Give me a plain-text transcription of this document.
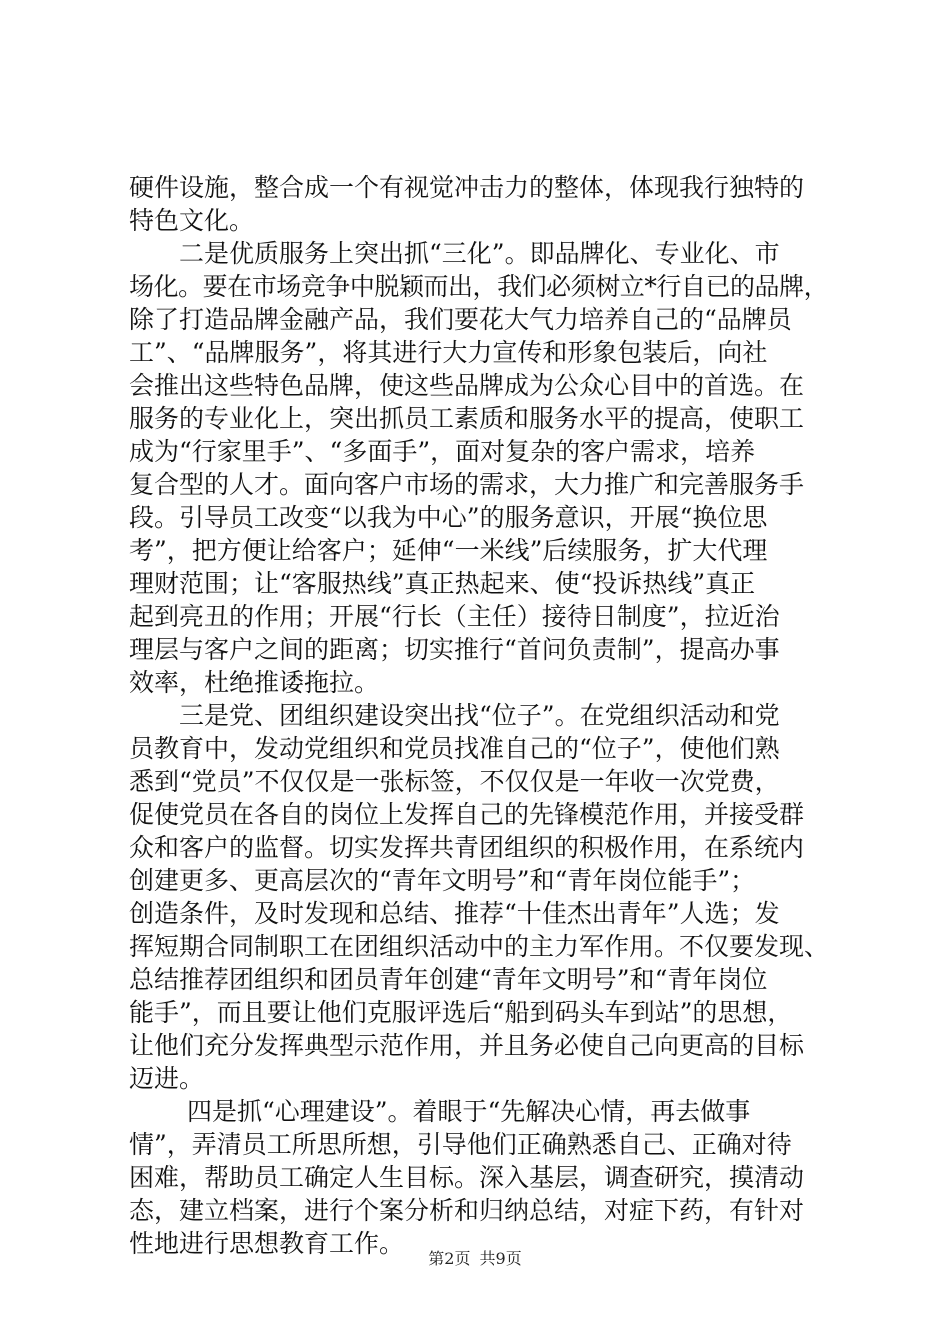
硬件设施，整合成一个有视觉冲击力的整体，体现我行独特的
特色文化。
　　二是优质服务上突出抓“三化”。即品牌化、专业化、市
场化。要在市场竞争中脱颖而出，我们必须树立*行自已的品牌，
除了打造品牌金融产品，我们要花大气力培养自己的“品牌员
工”、“品牌服务”，将其进行大力宣传和形象包装后，向社
会推出这些特色品牌，使这些品牌成为公众心目中的首选。在
服务的专业化上，突出抓员工素质和服务水平的提高，使职工
成为“行家里手”、“多面手”，面对复杂的客户需求，培养
复合型的人才。面向客户市场的需求，大力推广和完善服务手
段。引导员工改变“以我为中心”的服务意识，开展“换位思
考”，把方便让给客户；延伸“一米线”后续服务，扩大代理
理财范围；让“客服热线”真正热起来、使“投诉热线”真正
起到亮丑的作用；开展“行长（主任）接待日制度”，拉近治
理层与客户之间的距离；切实推行“首问负责制”，提高办事
效率，杜绝推诿拖拉。
　　三是党、团组织建设突出找“位子”。在党组织活动和党
员教育中，发动党组织和党员找准自己的“位子”，使他们熟
悉到“党员”不仅仅是一张标签，不仅仅是一年收一次党费，
促使党员在各自的岗位上发挥自己的先锋模范作用，并接受群
众和客户的监督。切实发挥共青团组织的积极作用，在系统内
创建更多、更高层次的“青年文明号”和“青年岗位能手”；
创造条件，及时发现和总结、推荐“十佳杰出青年”人选；发
挥短期合同制职工在团组织活动中的主力军作用。不仅要发现、
总结推荐团组织和团员青年创建“青年文明号”和“青年岗位
能手”，而且要让他们克服评选后“船到码头车到站”的思想，
让他们充分发挥典型示范作用，并且务必使自己向更高的目标
迈进。
　　 四是抓“心理建设”。着眼于“先解决心情，再去做事
情”，弄清员工所思所想，引导他们正确熟悉自己、正确对待
困难，帮助员工确定人生目标。深入基层，调查研究，摸清动
态，建立档案，进行个案分析和归纳总结，对症下药，有针对
性地进行思想教育工作。
第2页 共9页
